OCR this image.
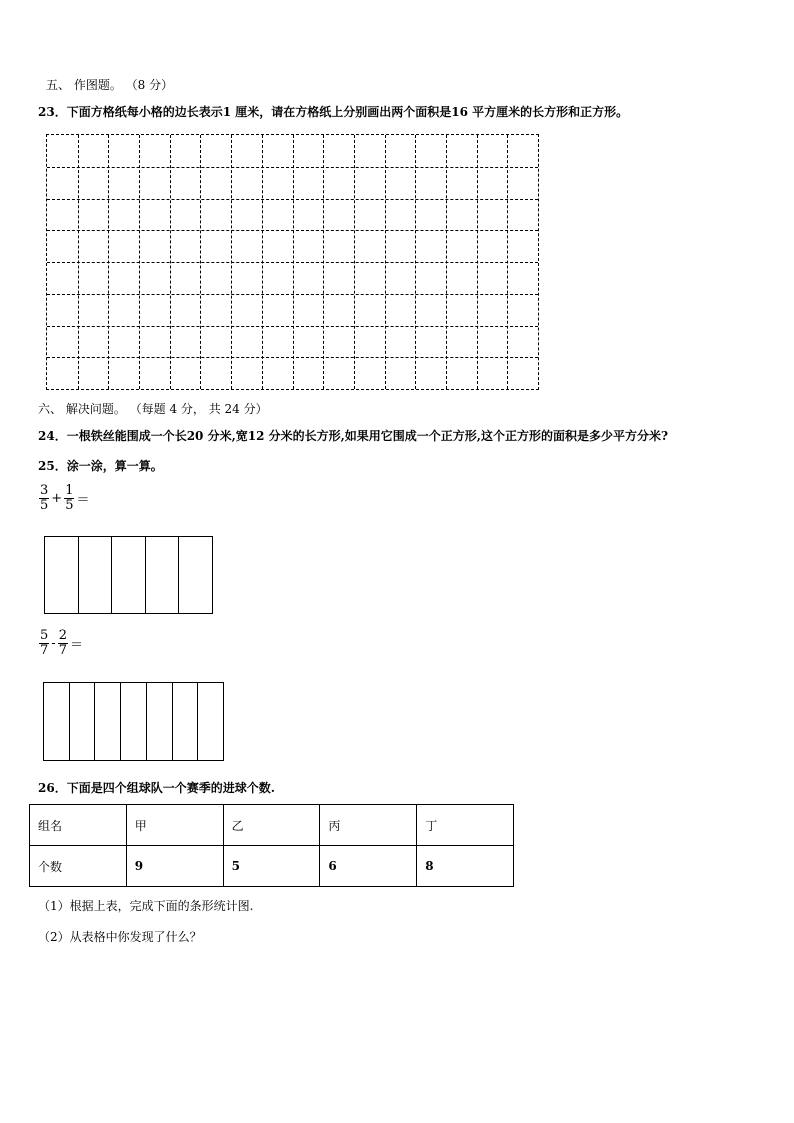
五、 作图题。 （8 分）
23．下面方格纸每小格的边长表示1 厘米，请在方格纸上分别画出两个面积是16 平方厘米的长方形和正方形。
六、 解决问题。 （每题 4 分， 共 24 分）
24．一根铁丝能围成一个长20 分米,宽12 分米的长方形,如果用它围成一个正方形,这个正方形的面积是多少平方分米?
25．涂一涂，算一算。
$\frac{3}{5} + \frac{1}{5}$ ＝
$\frac{5}{7} - \frac{2}{7}$ ＝
26．下面是四个组球队一个赛季的进球个数.
组名	甲	乙	丙	丁
个数	9	5	6	8
（1）根据上表，完成下面的条形统计图.
（2）从表格中你发现了什么？
